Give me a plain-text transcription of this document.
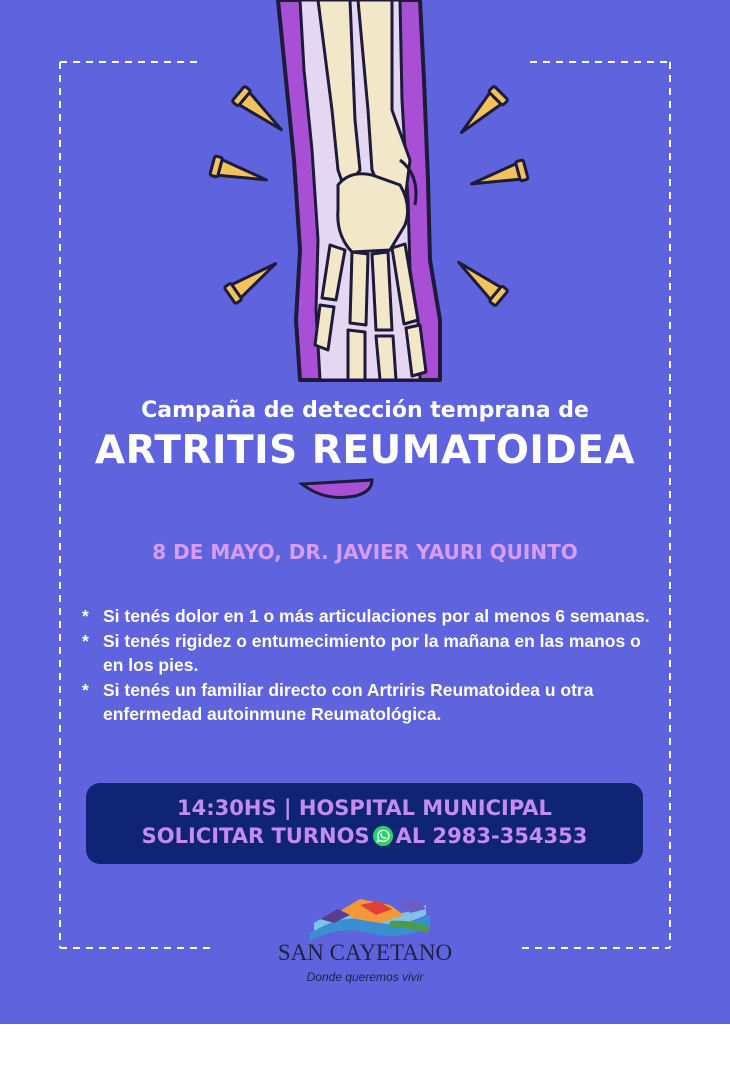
Campaña de detección temprana de
ARTRITIS REUMATOIDEA
8 DE MAYO, DR. JAVIER YAURI QUINTO
* Si tenés dolor en 1 o más articulaciones por al menos 6 semanas.
* Si tenés rigidez o entumecimiento por la mañana en las manos o en los pies.
* Si tenés un familiar directo con Artriris Reumatoidea u otra enfermedad autoinmune Reumatológica.
14:30HS | HOSPITAL MUNICIPAL
SOLICITAR TURNOS AL 2983-354353
SAN CAYETANO
Donde queremos vivir
